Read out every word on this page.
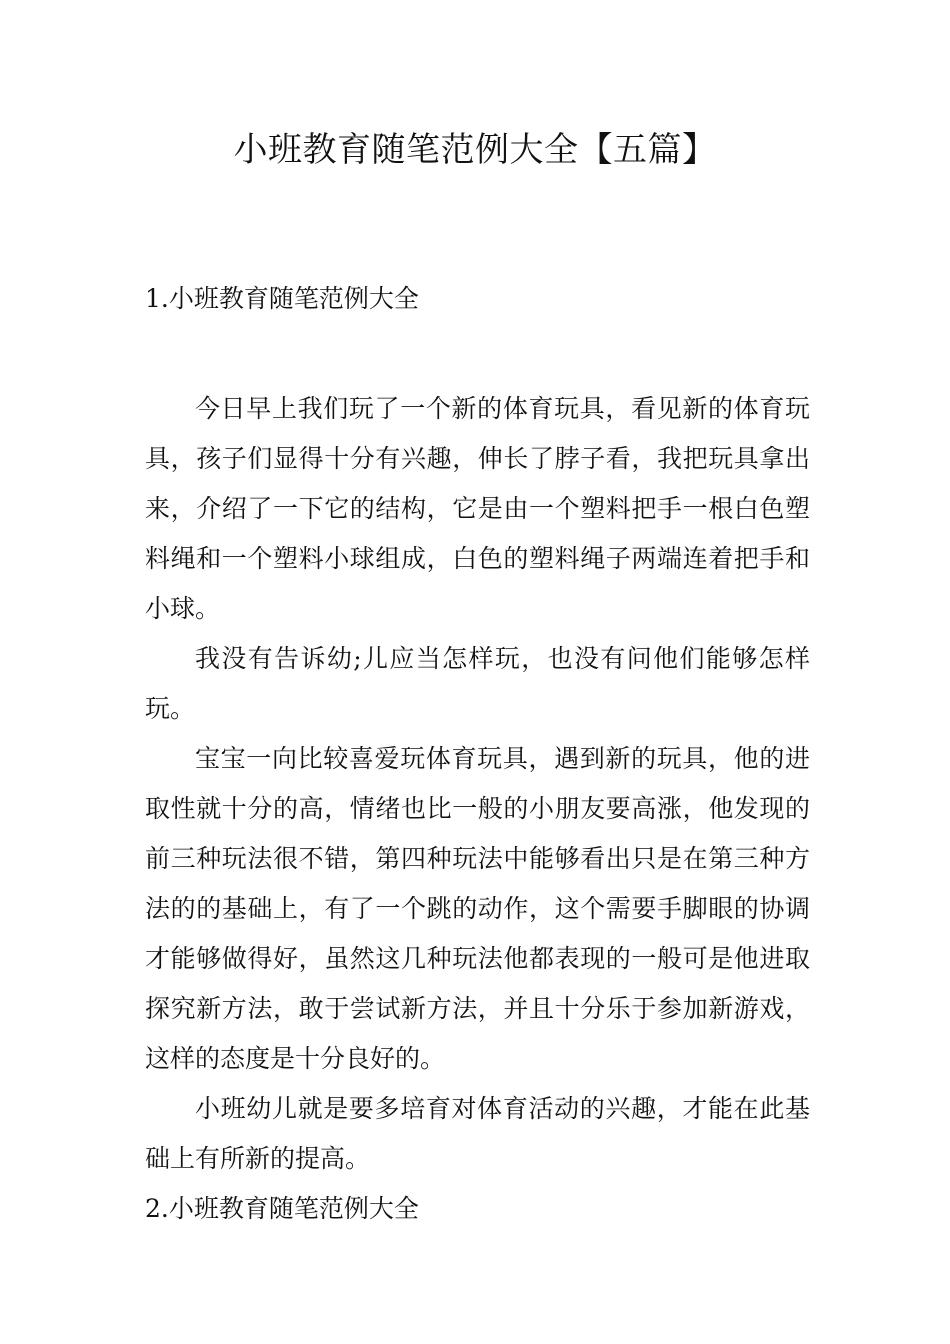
小班教育随笔范例大全【五篇】
1.小班教育随笔范例大全

今日早上我们玩了一个新的体育玩具，看见新的体育玩具，孩子们显得十分有兴趣，伸长了脖子看，我把玩具拿出来，介绍了一下它的结构，它是由一个塑料把手一根白色塑料绳和一个塑料小球组成，白色的塑料绳子两端连着把手和小球。

我没有告诉幼;儿应当怎样玩，也没有问他们能够怎样玩。

宝宝一向比较喜爱玩体育玩具，遇到新的玩具，他的进取性就十分的高，情绪也比一般的小朋友要高涨，他发现的前三种玩法很不错，第四种玩法中能够看出只是在第三种方法的的基础上，有了一个跳的动作，这个需要手脚眼的协调才能够做得好，虽然这几种玩法他都表现的一般可是他进取探究新方法，敢于尝试新方法，并且十分乐于参加新游戏，这样的态度是十分良好的。

小班幼儿就是要多培育对体育活动的兴趣，才能在此基础上有所新的提高。

2.小班教育随笔范例大全
